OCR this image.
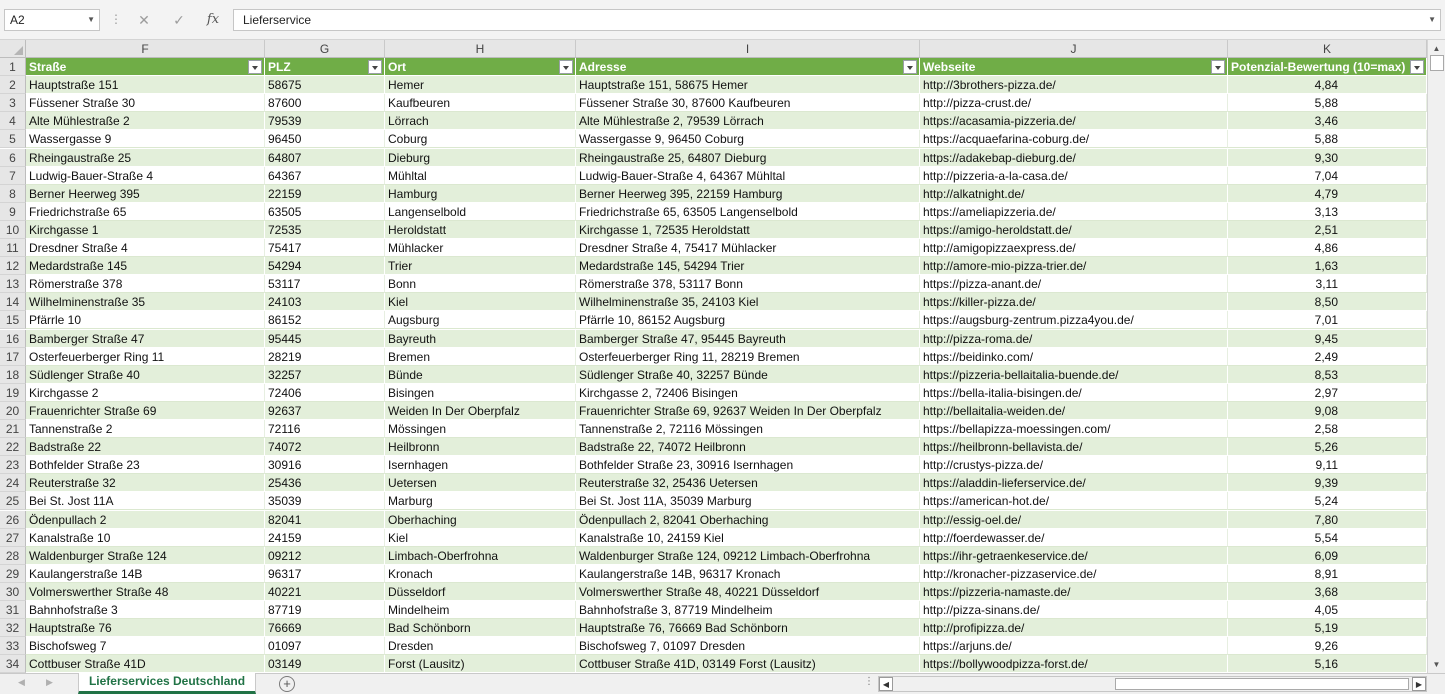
A2	▼ ⋮	✕	✓	fx	Lieferservice	▼
F	G	H	I	J	K
1	Straße	PLZ	Ort	Adresse	Webseite	Potenzial-Bewertung (10=max)
2	Hauptstraße 151	58675	Hemer	Hauptstraße 151, 58675 Hemer	http://3brothers-pizza.de/	4,84
3	Füssener Straße 30	87600	Kaufbeuren	Füssener Straße 30, 87600 Kaufbeuren	http://pizza-crust.de/	5,88
4	Alte Mühlestraße 2	79539	Lörrach	Alte Mühlestraße 2, 79539 Lörrach	https://acasamia-pizzeria.de/	3,46
5	Wassergasse 9	96450	Coburg	Wassergasse 9, 96450 Coburg	https://acquaefarina-coburg.de/	5,88
6	Rheingaustraße 25	64807	Dieburg	Rheingaustraße 25, 64807 Dieburg	https://adakebap-dieburg.de/	9,30
7	Ludwig-Bauer-Straße 4	64367	Mühltal	Ludwig-Bauer-Straße 4, 64367 Mühltal	http://pizzeria-a-la-casa.de/	7,04
8	Berner Heerweg 395	22159	Hamburg	Berner Heerweg 395, 22159 Hamburg	http://alkatnight.de/	4,79
9	Friedrichstraße 65	63505	Langenselbold	Friedrichstraße 65, 63505 Langenselbold	https://ameliapizzeria.de/	3,13
10 Kirchgasse 1	72535	Heroldstatt	Kirchgasse 1, 72535 Heroldstatt	https://amigo-heroldstatt.de/	2,51
11 Dresdner Straße 4	75417	Mühlacker	Dresdner Straße 4, 75417 Mühlacker	http://amigopizzaexpress.de/	4,86
12 Medardstraße 145	54294	Trier	Medardstraße 145, 54294 Trier	http://amore-mio-pizza-trier.de/	1,63
13 Römerstraße 378	53117	Bonn	Römerstraße 378, 53117 Bonn	https://pizza-anant.de/	3,11
14 Wilhelminenstraße 35	24103	Kiel	Wilhelminenstraße 35, 24103 Kiel	https://killer-pizza.de/	8,50
15 Pfärrle 10	86152	Augsburg	Pfärrle 10, 86152 Augsburg	https://augsburg-zentrum.pizza4you.de/	7,01
16 Bamberger Straße 47	95445	Bayreuth	Bamberger Straße 47, 95445 Bayreuth	http://pizza-roma.de/	9,45
17 Osterfeuerberger Ring 11	28219	Bremen	Osterfeuerberger Ring 11, 28219 Bremen	https://beidinko.com/	2,49
18 Südlenger Straße 40	32257	Bünde	Südlenger Straße 40, 32257 Bünde	https://pizzeria-bellaitalia-buende.de/	8,53
19 Kirchgasse 2	72406	Bisingen	Kirchgasse 2, 72406 Bisingen	https://bella-italia-bisingen.de/	2,97
20 Frauenrichter Straße 69	92637	Weiden In Der Oberpfalz	Frauenrichter Straße 69, 92637 Weiden In Der Oberpfalz	http://bellaitalia-weiden.de/	9,08
21 Tannenstraße 2	72116	Mössingen	Tannenstraße 2, 72116 Mössingen	https://bellapizza-moessingen.com/	2,58
22 Badstraße 22	74072	Heilbronn	Badstraße 22, 74072 Heilbronn	https://heilbronn-bellavista.de/	5,26
23 Bothfelder Straße 23	30916	Isernhagen	Bothfelder Straße 23, 30916 Isernhagen	http://crustys-pizza.de/	9,11
24 Reuterstraße 32	25436	Uetersen	Reuterstraße 32, 25436 Uetersen	https://aladdin-lieferservice.de/	9,39
25 Bei St. Jost 11A	35039	Marburg	Bei St. Jost 11A, 35039 Marburg	https://american-hot.de/	5,24
26 Ödenpullach 2	82041	Oberhaching	Ödenpullach 2, 82041 Oberhaching	http://essig-oel.de/	7,80
27 Kanalstraße 10	24159	Kiel	Kanalstraße 10, 24159 Kiel	http://foerdewasser.de/	5,54
28 Waldenburger Straße 124	09212	Limbach-Oberfrohna	Waldenburger Straße 124, 09212 Limbach-Oberfrohna	https://ihr-getraenkeservice.de/	6,09
29 Kaulangerstraße 14B	96317	Kronach	Kaulangerstraße 14B, 96317 Kronach	http://kronacher-pizzaservice.de/	8,91
30 Volmerswerther Straße 48	40221	Düsseldorf	Volmerswerther Straße 48, 40221 Düsseldorf	https://pizzeria-namaste.de/	3,68
31 Bahnhofstraße 3	87719	Mindelheim	Bahnhofstraße 3, 87719 Mindelheim	http://pizza-sinans.de/	4,05
32 Hauptstraße 76	76669	Bad Schönborn	Hauptstraße 76, 76669 Bad Schönborn	http://profipizza.de/	5,19
33 Bischofsweg 7	01097	Dresden	Bischofsweg 7, 01097 Dresden	https://arjuns.de/	9,26
34 Cottbuser Straße 41D	03149	Forst (Lausitz)	Cottbuser Straße 41D, 03149 Forst (Lausitz)	https://bollywoodpizza-forst.de/	5,16
▲
▼
◀ ▶	Lieferservices Deutschland	+	⋮	◀	▶
